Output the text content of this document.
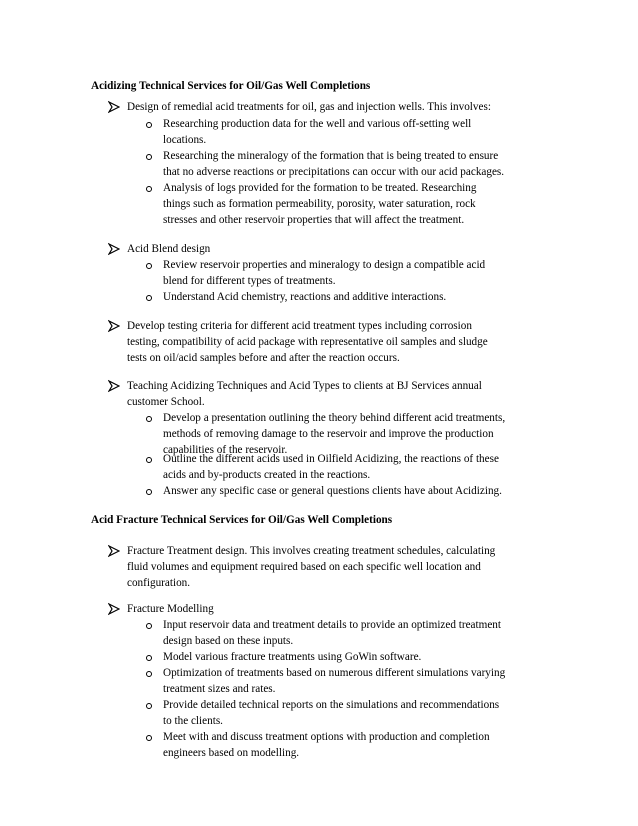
Acidizing Technical Services for Oil/Gas Well Completions
Design of remedial acid treatments for oil, gas and injection wells. This involves:
Researching production data for the well and various off-setting well
locations.
Researching the mineralogy of the formation that is being treated to ensure
that no adverse reactions or precipitations can occur with our acid packages.
Analysis of logs provided for the formation to be treated. Researching
things such as formation permeability, porosity, water saturation, rock
stresses and other reservoir properties that will affect the treatment.
Acid Blend design
Review reservoir properties and mineralogy to design a compatible acid
blend for different types of treatments.
Understand Acid chemistry, reactions and additive interactions.
Develop testing criteria for different acid treatment types including corrosion
testing, compatibility of acid package with representative oil samples and sludge
tests on oil/acid samples before and after the reaction occurs.
Teaching Acidizing Techniques and Acid Types to clients at BJ Services annual
customer School.
Develop a presentation outlining the theory behind different acid treatments,
methods of removing damage to the reservoir and improve the production
capabilities of the reservoir.
Outline the different acids used in Oilfield Acidizing, the reactions of these
acids and by-products created in the reactions.
Answer any specific case or general questions clients have about Acidizing.
Acid Fracture Technical Services for Oil/Gas Well Completions
Fracture Treatment design. This involves creating treatment schedules, calculating
fluid volumes and equipment required based on each specific well location and
configuration.
Fracture Modelling
Input reservoir data and treatment details to provide an optimized treatment
design based on these inputs.
Model various fracture treatments using GoWin software.
Optimization of treatments based on numerous different simulations varying
treatment sizes and rates.
Provide detailed technical reports on the simulations and recommendations
to the clients.
Meet with and discuss treatment options with production and completion
engineers based on modelling.
